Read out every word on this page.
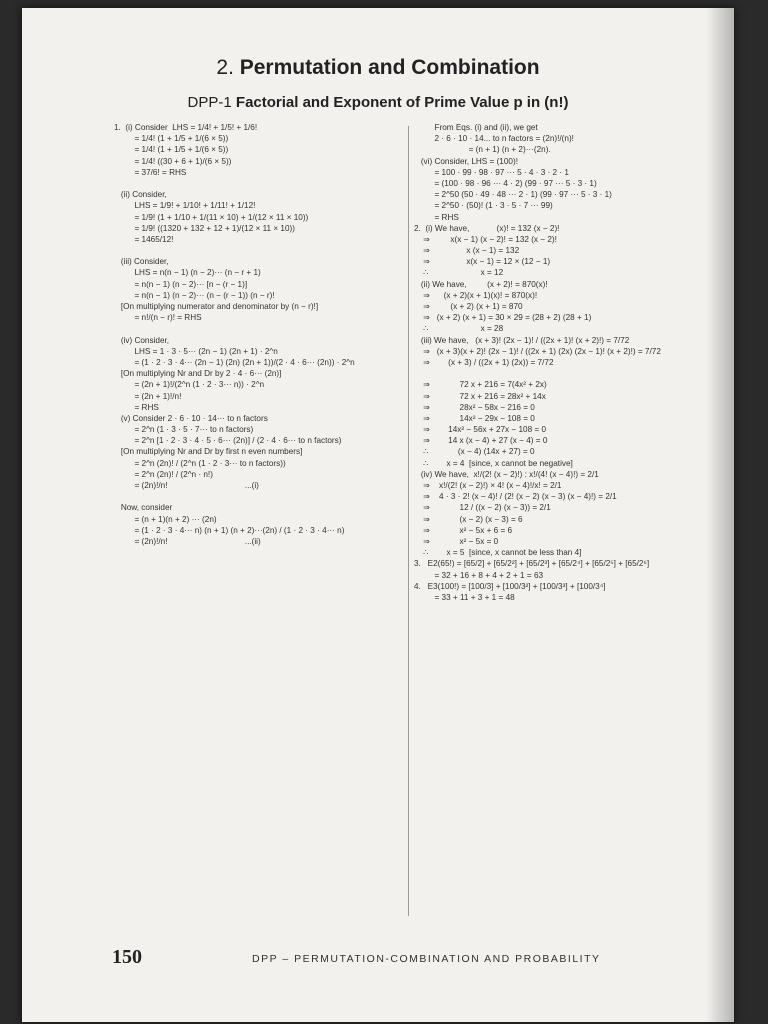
2. Permutation and Combination
DPP-1 Factorial and Exponent of Prime Value p in (n!)
1.  (i) Consider  LHS = 1/4! + 1/5! + 1/6!
= 1/4! (1 + 1/5 + 1/(6 × 5))
= 1/4! (1 + 1/5 + 1/(6 × 5))
= 1/4! ((30 + 6 + 1)/(6 × 5))
= 37/6! = RHS
(ii) Consider,
LHS = 1/9! + 1/10! + 1/11! + 1/12!
= 1/9! (1 + 1/10 + 1/(11 × 10) + 1/(12 × 11 × 10))
= 1/9! ((1320 + 132 + 12 + 1)/(12 × 11 × 10))
= 1465/12!
(iii) Consider,
LHS = n(n − 1) (n − 2)··· (n − r + 1)
= n(n − 1) (n − 2)··· [n − (r − 1)]
= n(n − 1) (n − 2)··· (n − (r − 1)) (n − r)!
[On multiplying numerator and denominator by (n − r)!]
= n!/(n − r)! = RHS
(iv) Consider,
LHS = 1 · 3 · 5··· (2n − 1) (2n + 1) · 2^n
= (1 · 2 · 3 · 4··· (2n − 1) (2n) (2n + 1))/(2 · 4 · 6··· (2n)) · 2^n
[On multiplying Nr and Dr by 2 · 4 · 6··· (2n)]
= (2n + 1)!/(2^n (1 · 2 · 3··· n)) · 2^n
= (2n + 1)!/n!
= RHS
(v) Consider 2 · 6 · 10 · 14··· to n factors
= 2^n (1 · 3 · 5 · 7··· to n factors)
= 2^n [1 · 2 · 3 · 4 · 5 · 6··· (2n)] / (2 · 4 · 6··· to n factors)
[On multiplying Nr and Dr by first n even numbers]
= 2^n (2n)! / (2^n (1 · 2 · 3··· to n factors))
= 2^n (2n)! / (2^n · n!)
= (2n)!/n!                                  ...(i)
Now, consider
= (n + 1)(n + 2) ··· (2n)
= (1 · 2 · 3 · 4··· n) (n + 1) (n + 2)···(2n) / (1 · 2 · 3 · 4··· n)
= (2n)!/n!                                  ...(ii)
From Eqs. (i) and (ii), we get
2 · 6 · 10 · 14... to n factors = (2n)!/(n)!
= (n + 1) (n + 2)···(2n).
(vi) Consider, LHS = (100)!
= 100 · 99 · 98 · 97 ··· 5 · 4 · 3 · 2 · 1
= (100 · 98 · 96 ··· 4 · 2) (99 · 97 ··· 5 · 3 · 1)
= 2^50 (50 · 49 · 48 ··· 2 · 1) (99 · 97 ··· 5 · 3 · 1)
= 2^50 · (50)! (1 · 3 · 5 · 7 ··· 99)
= RHS
2.  (i) We have,            (x)! = 132 (x − 2)!
⇒         x(x − 1) (x − 2)! = 132 (x − 2)!
⇒                x (x − 1) = 132
⇒                x(x − 1) = 12 × (12 − 1)
∴                       x = 12
(ii) We have,         (x + 2)! = 870(x)!
⇒      (x + 2)(x + 1)(x)! = 870(x)!
⇒         (x + 2) (x + 1) = 870
⇒   (x + 2) (x + 1) = 30 × 29 = (28 + 2) (28 + 1)
∴                       x = 28
(iii) We have,   (x + 3)! (2x − 1)! / ((2x + 1)! (x + 2)!) = 7/72
⇒   (x + 3)(x + 2)! (2x − 1)! / ((2x + 1) (2x) (2x − 1)! (x + 2)!) = 7/72
⇒        (x + 3) / ((2x + 1) (2x)) = 7/72
⇒             72 x + 216 = 7(4x² + 2x)
⇒             72 x + 216 = 28x² + 14x
⇒             28x² − 58x − 216 = 0
⇒             14x² − 29x − 108 = 0
⇒        14x² − 56x + 27x − 108 = 0
⇒        14 x (x − 4) + 27 (x − 4) = 0
∴             (x − 4) (14x + 27) = 0
∴        x = 4  [since, x cannot be negative]
(iv) We have,  x!/(2! (x − 2)!) : x!/(4! (x − 4)!) = 2/1
⇒    x!/(2! (x − 2)!) × 4! (x − 4)!/x! = 2/1
⇒    4 · 3 · 2! (x − 4)! / (2! (x − 2) (x − 3) (x − 4)!) = 2/1
⇒             12 / ((x − 2) (x − 3)) = 2/1
⇒             (x − 2) (x − 3) = 6
⇒             x² − 5x + 6 = 6
⇒             x² − 5x = 0
∴        x = 5  [since, x cannot be less than 4]
3.   E2(65!) = [65/2] + [65/2²] + [65/2³] + [65/2⁴] + [65/2⁵] + [65/2⁶]
= 32 + 16 + 8 + 4 + 2 + 1 = 63
4.   E3(100!) = [100/3] + [100/3²] + [100/3³] + [100/3⁴]
= 33 + 11 + 3 + 1 = 48
150	DPP – PERMUTATION-COMBINATION AND PROBABILITY
